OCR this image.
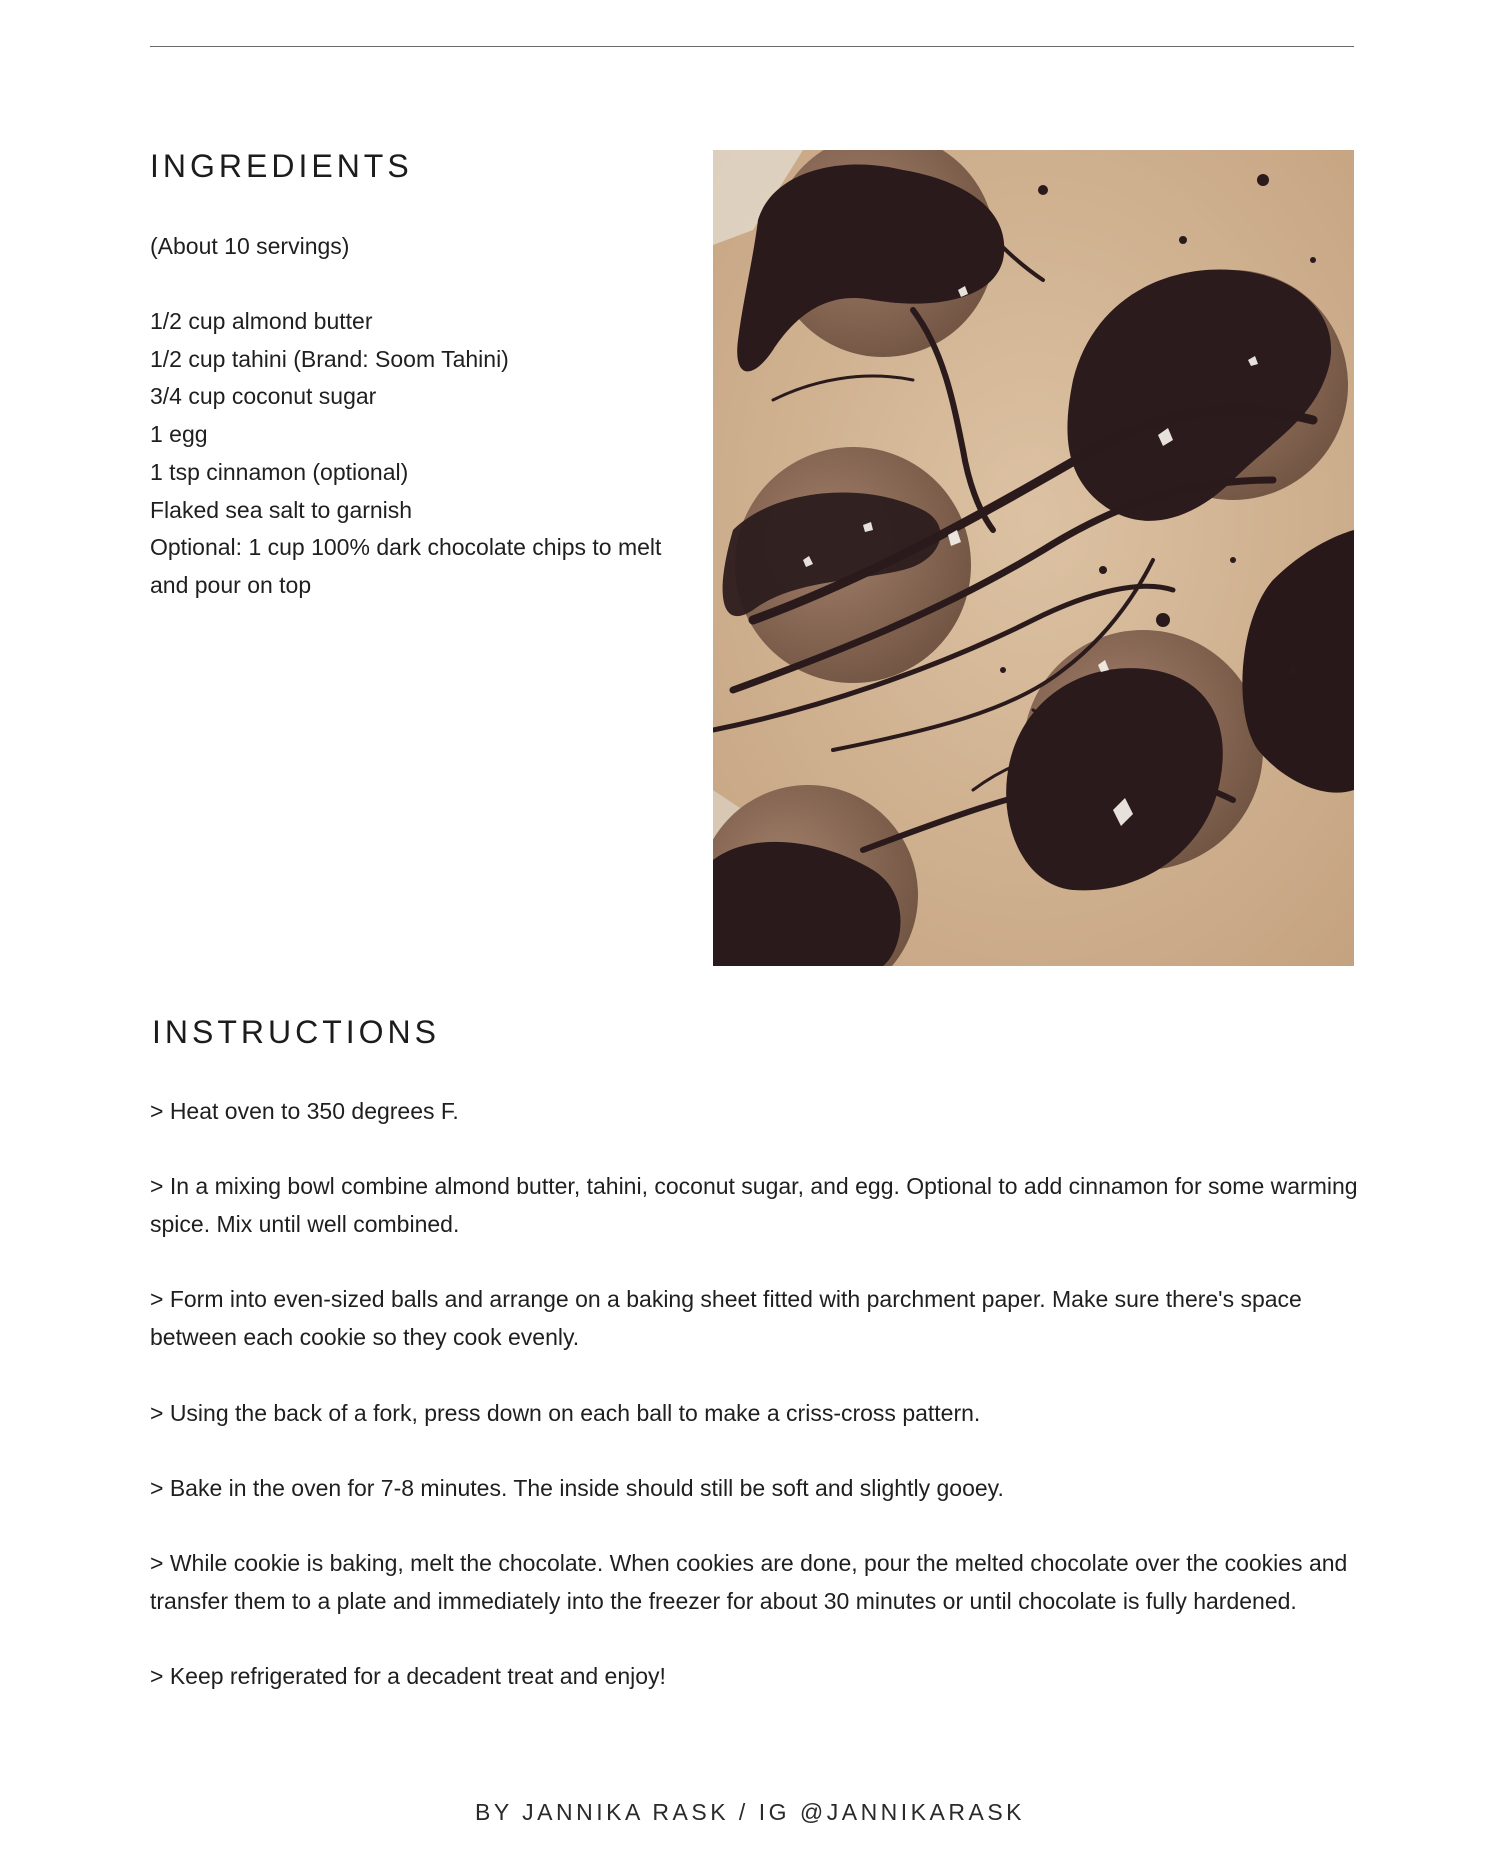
INGREDIENTS

(About 10 servings)

1/2 cup almond butter
1/2 cup tahini (Brand: Soom Tahini)
3/4 cup coconut sugar
1 egg
1 tsp cinnamon (optional)
Flaked sea salt to garnish
Optional: 1 cup 100% dark chocolate chips to melt and pour on top
INSTRUCTIONS
> Heat oven to 350 degrees F.
> In a mixing bowl combine almond butter, tahini, coconut sugar, and egg. Optional to add cinnamon for some warming spice. Mix until well combined.
> Form into even-sized balls and arrange on a baking sheet fitted with parchment paper. Make sure there's space between each cookie so they cook evenly.
> Using the back of a fork, press down on each ball to make a criss-cross pattern.
> Bake in the oven for 7-8 minutes. The inside should still be soft and slightly gooey.
> While cookie is baking, melt the chocolate. When cookies are done, pour the melted chocolate over the cookies and transfer them to a plate and immediately into the freezer for about 30 minutes or until chocolate is fully hardened.
> Keep refrigerated for a decadent treat and enjoy!

BY JANNIKA RASK / IG @JANNIKARASK
